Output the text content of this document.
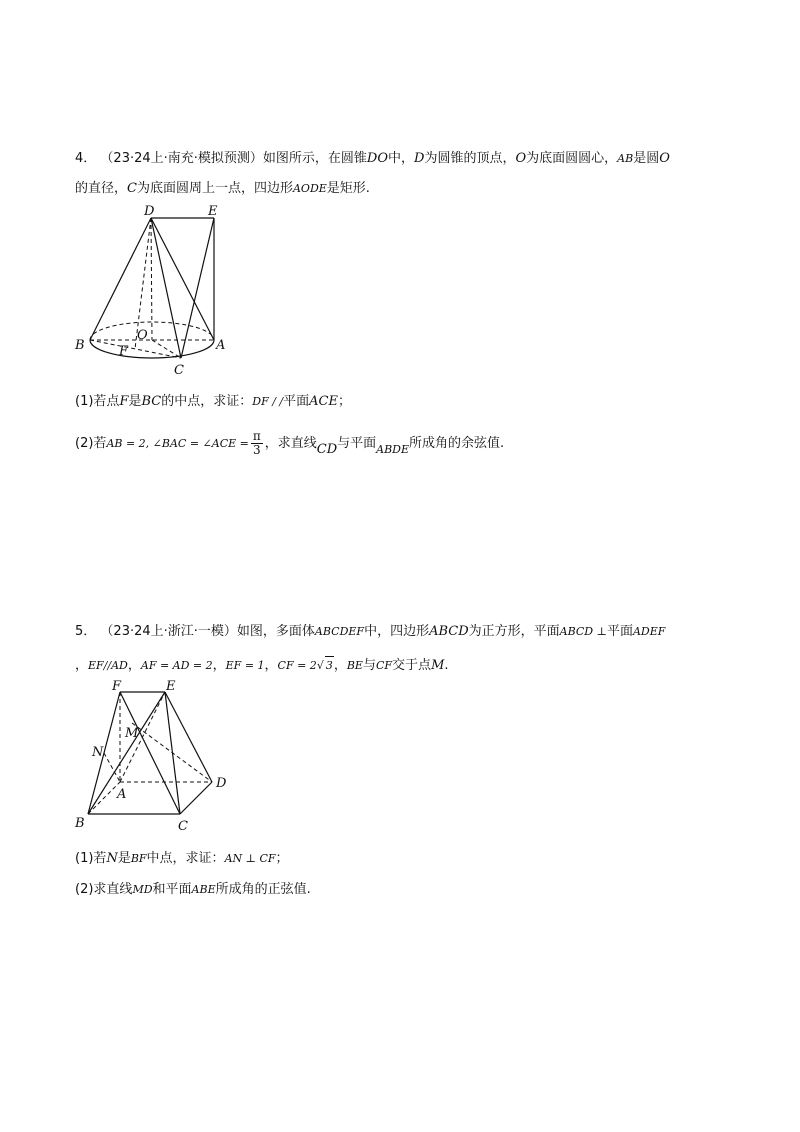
4． （23·24上·南充·模拟预测）如图所示，在圆锥DO中，D为圆锥的顶点，O为底面圆圆心，AB是圆O
的直径，C为底面圆周上一点，四边形AODE是矩形.
D	E
O
B	F	A
C
(1)若点F是BC的中点，求证：DF / /平面ACE；
(2)若AB = 2, ∠BAC = ∠ACE = $\frac{\pi}{3}$ ，求直线CD与平面$_{ABDE}$所成角的余弦值.
5． （23·24上·浙江·一模）如图，多面体ABCDEF中，四边形ABCD为正方形，平面ABCD ⊥平面ADEF
，EF//AD，AF = AD = 2，EF = 1，CF = 2√ 3，BE与CF交于点M.
F	E
M
N
A
D
B	C
(1)若N是BF中点，求证：AN ⊥ CF；
(2)求直线MD和平面ABE所成角的正弦值.
